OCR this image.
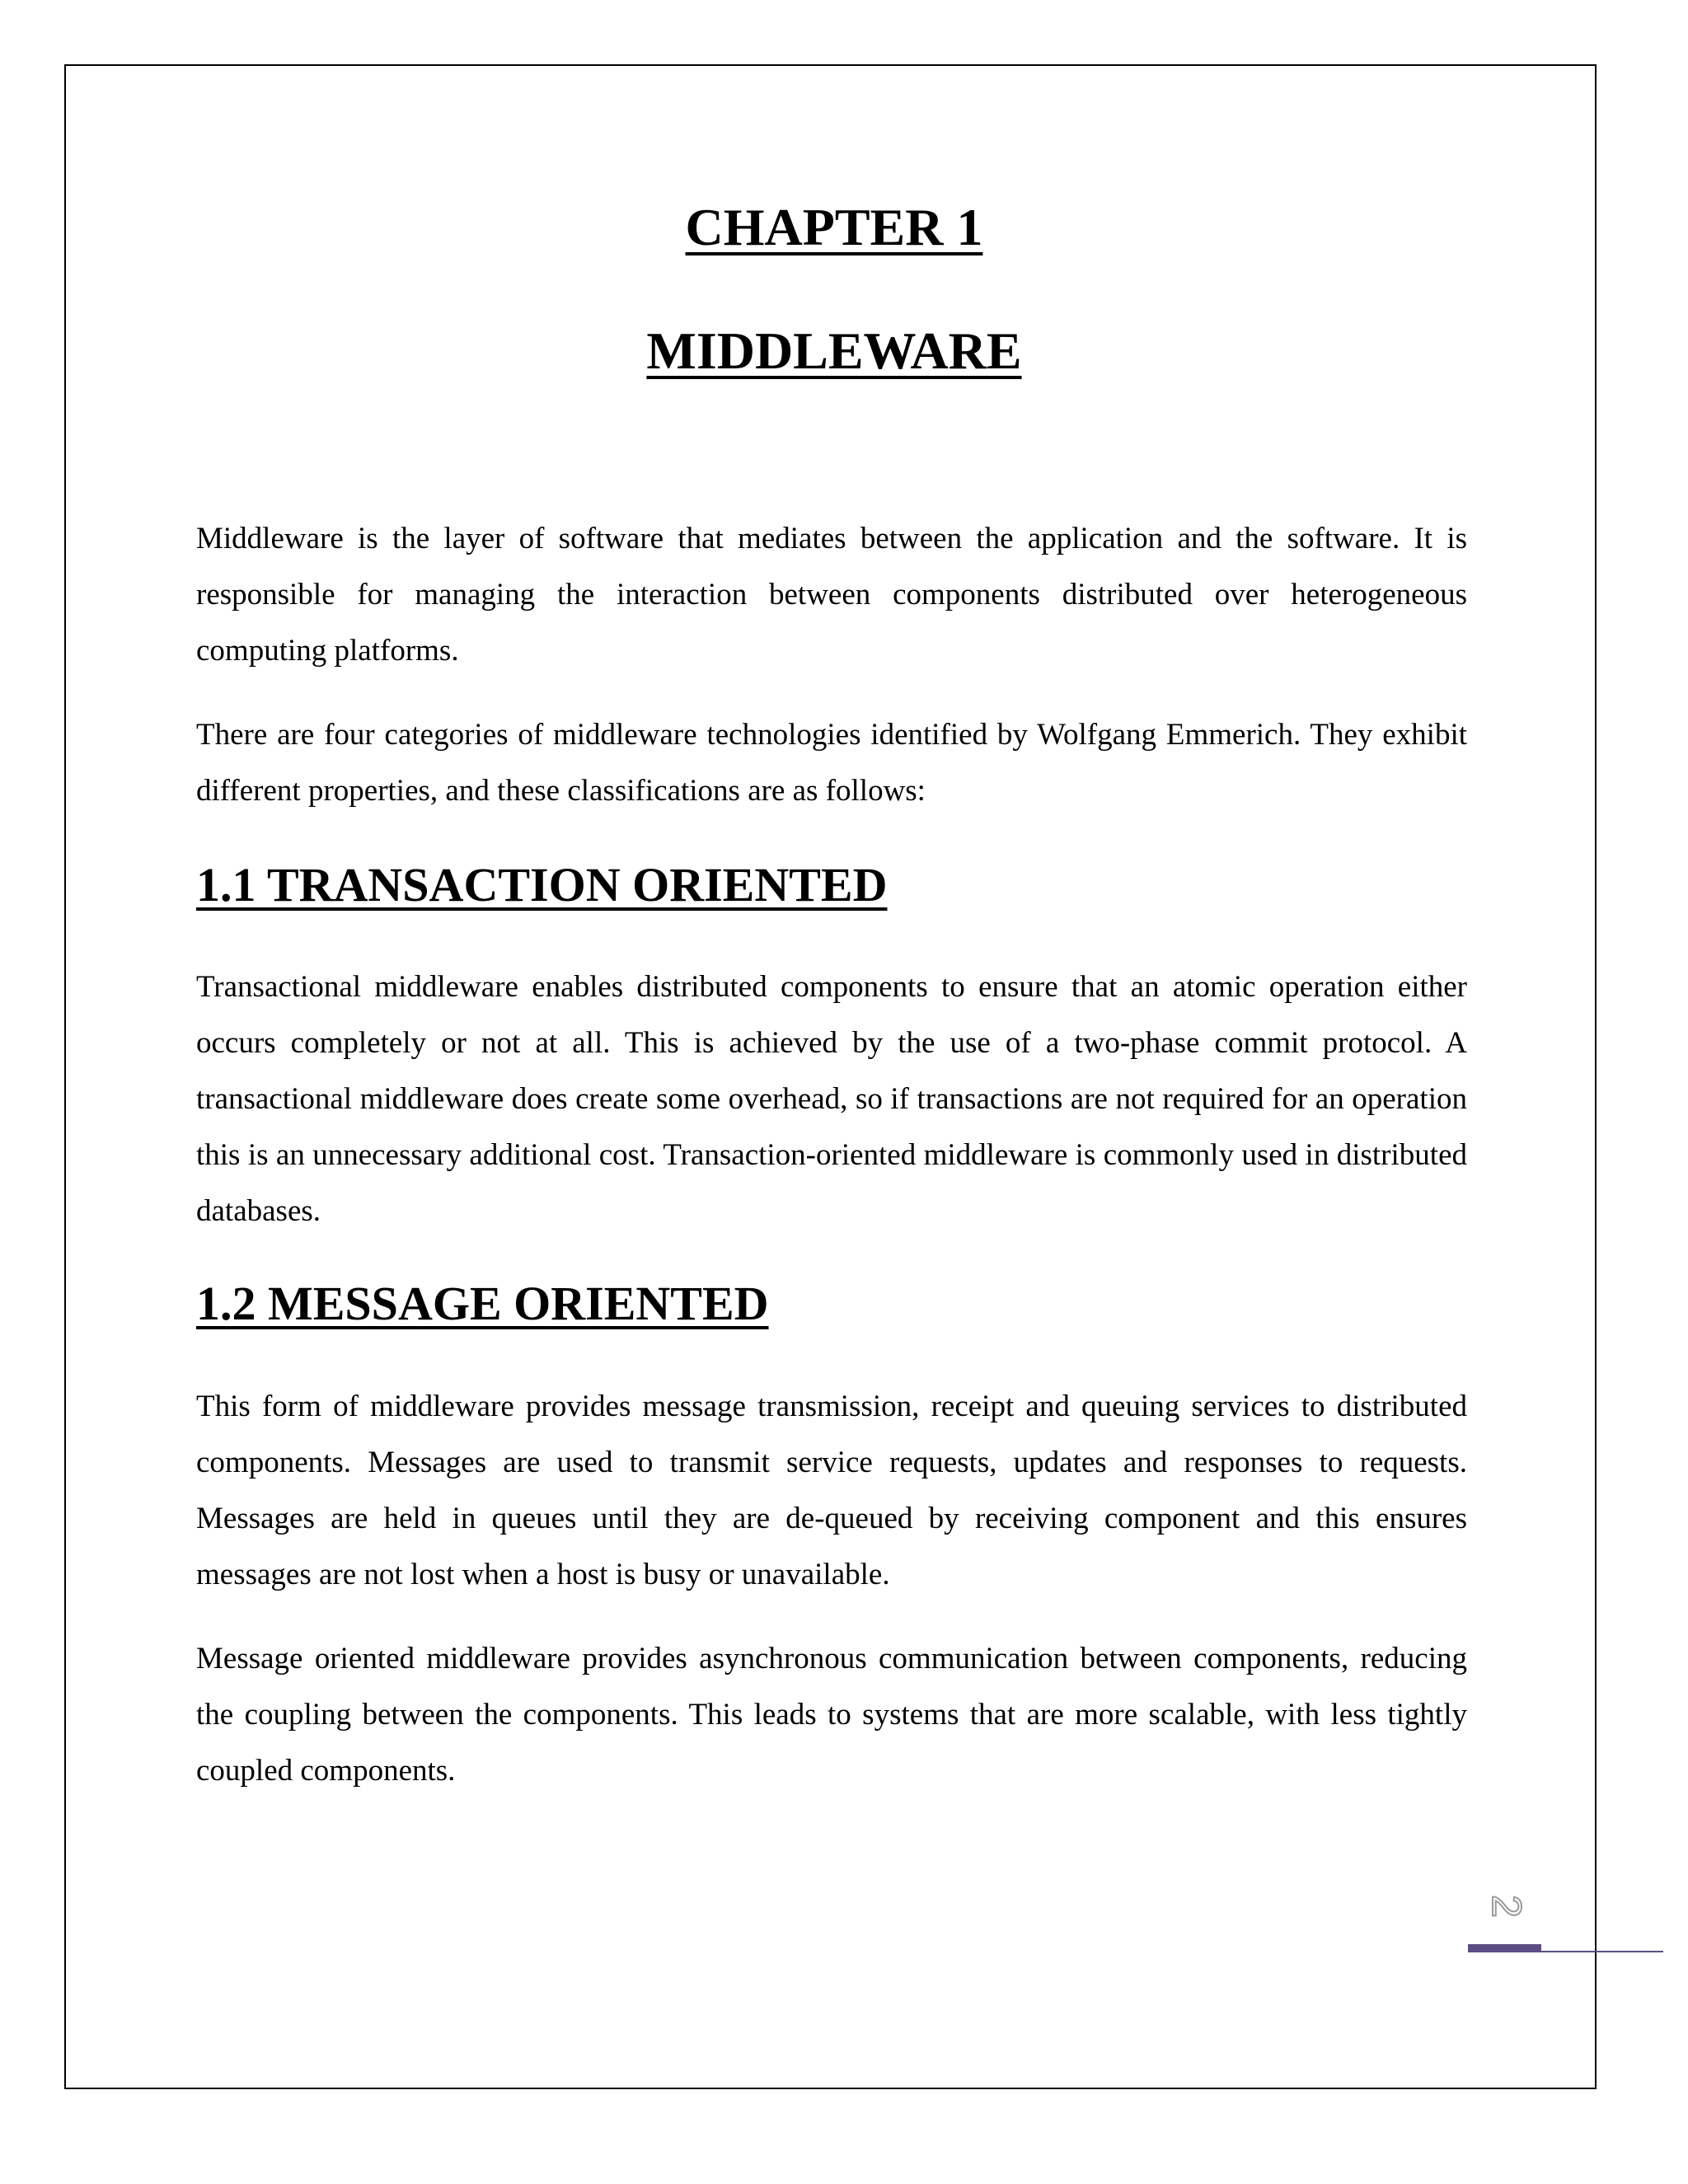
CHAPTER 1
MIDDLEWARE

Middleware is the layer of software that mediates between the application and the software. It is responsible for managing the interaction between components distributed over heterogeneous computing platforms.

There are four categories of middleware technologies identified by Wolfgang Emmerich. They exhibit different properties, and these classifications are as follows:

1.1 TRANSACTION ORIENTED

Transactional middleware enables distributed components to ensure that an atomic operation either occurs completely or not at all. This is achieved by the use of a two-phase commit protocol. A transactional middleware does create some overhead, so if transactions are not required for an operation this is an unnecessary additional cost. Transaction-oriented middleware is commonly used in distributed databases.

1.2 MESSAGE ORIENTED

This form of middleware provides message transmission, receipt and queuing services to distributed components. Messages are used to transmit service requests, updates and responses to requests. Messages are held in queues until they are de-queued by receiving component and this ensures messages are not lost when a host is busy or unavailable.

Message oriented middleware provides asynchronous communication between components, reducing the coupling between the components. This leads to systems that are more scalable, with less tightly coupled components.

2
